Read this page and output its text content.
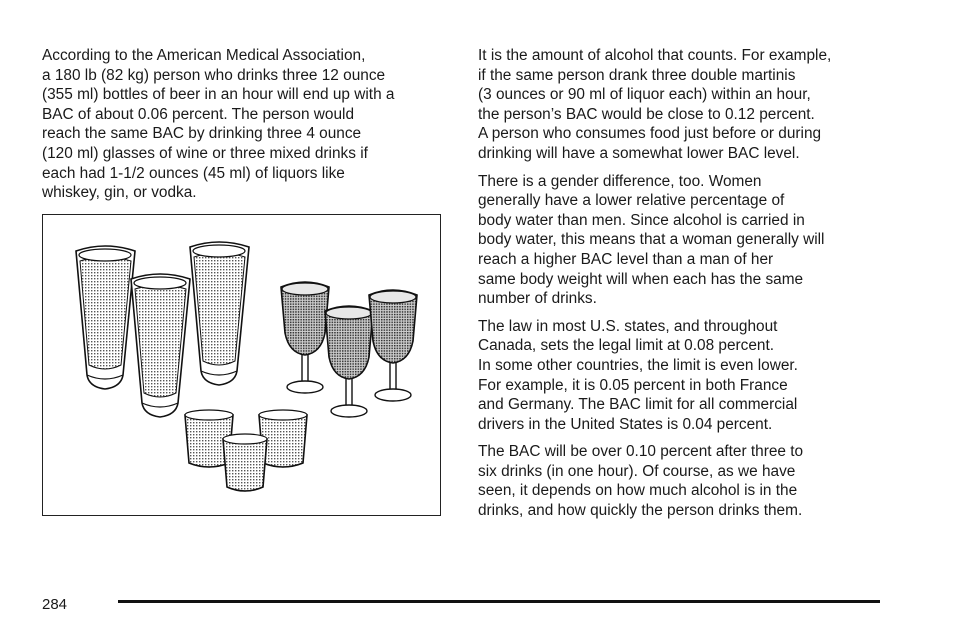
According to the American Medical Association,
a 180 lb (82 kg) person who drinks three 12 ounce
(355 ml) bottles of beer in an hour will end up with a
BAC of about 0.06 percent. The person would
reach the same BAC by drinking three 4 ounce
(120 ml) glasses of wine or three mixed drinks if
each had 1-1/2 ounces (45 ml) of liquors like
whiskey, gin, or vodka.

It is the amount of alcohol that counts. For example,
if the same person drank three double martinis
(3 ounces or 90 ml of liquor each) within an hour,
the person’s BAC would be close to 0.12 percent.
A person who consumes food just before or during
drinking will have a somewhat lower BAC level.

There is a gender difference, too. Women
generally have a lower relative percentage of
body water than men. Since alcohol is carried in
body water, this means that a woman generally will
reach a higher BAC level than a man of her
same body weight will when each has the same
number of drinks.

The law in most U.S. states, and throughout
Canada, sets the legal limit at 0.08 percent.
In some other countries, the limit is even lower.
For example, it is 0.05 percent in both France
and Germany. The BAC limit for all commercial
drivers in the United States is 0.04 percent.

The BAC will be over 0.10 percent after three to
six drinks (in one hour). Of course, as we have
seen, it depends on how much alcohol is in the
drinks, and how quickly the person drinks them.

284
